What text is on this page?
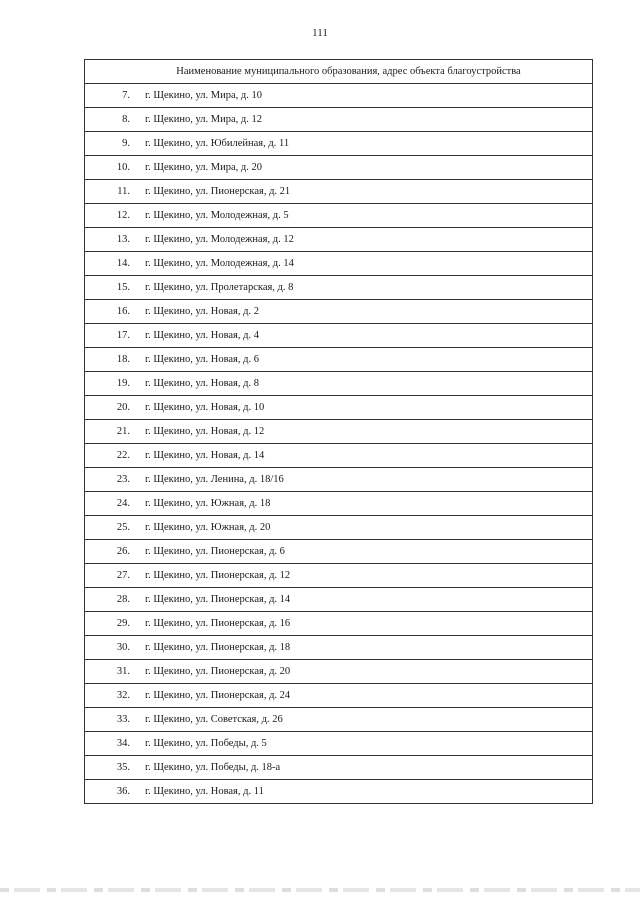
111
Наименование муниципального образования, адрес объекта благоустройства
7.	г. Щекино, ул. Мира, д. 10
8.	г. Щекино, ул. Мира, д. 12
9.	г. Щекино, ул. Юбилейная, д. 11
10.	г. Щекино, ул. Мира, д. 20
11.	г. Щекино, ул. Пионерская, д. 21
12.	г. Щекино, ул. Молодежная, д. 5
13.	г. Щекино, ул. Молодежная, д. 12
14.	г. Щекино, ул. Молодежная, д. 14
15.	г. Щекино, ул. Пролетарская, д. 8
16.	г. Щекино, ул. Новая, д. 2
17.	г. Щекино, ул. Новая, д. 4
18.	г. Щекино, ул. Новая, д. 6
19.	г. Щекино, ул. Новая, д. 8
20.	г. Щекино, ул. Новая, д. 10
21.	г. Щекино, ул. Новая, д. 12
22.	г. Щекино, ул. Новая, д. 14
23.	г. Щекино, ул. Ленина, д. 18/16
24.	г. Щекино, ул. Южная, д. 18
25.	г. Щекино, ул. Южная, д. 20
26.	г. Щекино, ул. Пионерская, д. 6
27.	г. Щекино, ул. Пионерская, д. 12
28.	г. Щекино, ул. Пионерская, д. 14
29.	г. Щекино, ул. Пионерская, д. 16
30.	г. Щекино, ул. Пионерская, д. 18
31.	г. Щекино, ул. Пионерская, д. 20
32.	г. Щекино, ул. Пионерская, д. 24
33.	г. Щекино, ул. Советская, д. 26
34.	г. Щекино, ул. Победы, д. 5
35.	г. Щекино, ул. Победы, д. 18-а
36.	г. Щекино, ул. Новая, д. 11
